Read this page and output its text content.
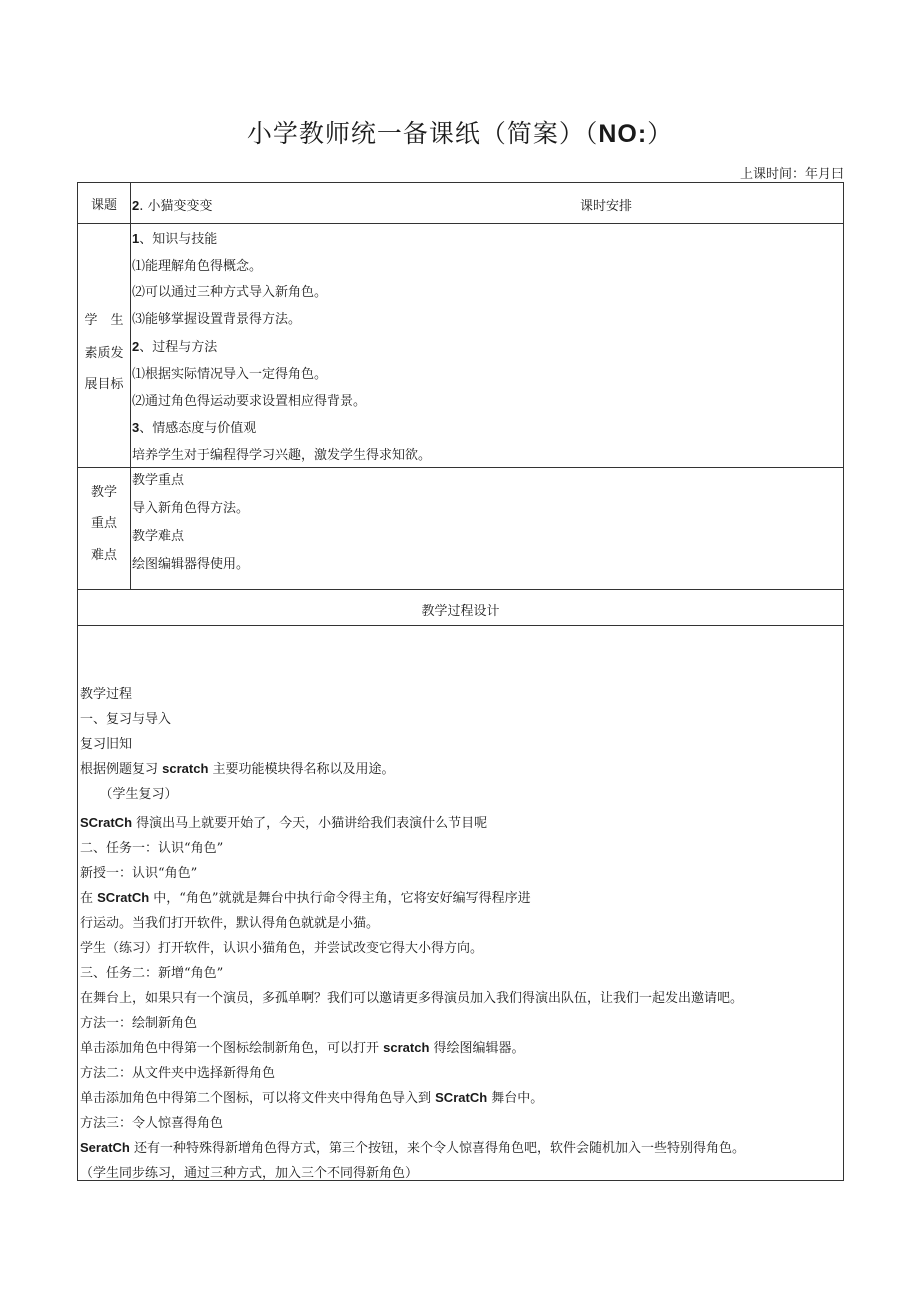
小学教师统一备课纸（简案）（NO:）
上课时间：年月曰
课题	2. 小猫变变变	课时安排
学　生
素质发
展目标
1、知识与技能
⑴能理解角色得概念。
⑵可以通过三种方式导入新角色。
⑶能够掌握设置背景得方法。
2、过程与方法
⑴根据实际情况导入一定得角色。
⑵通过角色得运动要求设置相应得背景。
3、情感态度与价值观
培养学生对于编程得学习兴趣，激发学生得求知欲。
教学
重点
难点
教学重点
导入新角色得方法。
教学难点
绘图编辑器得使用。
教学过程设计
教学过程
一、复习与导入
复习旧知
根据例题复习 scratch 主要功能模块得名称以及用途。
　　（学生复习）
SCratCh 得演出马上就要开始了，今天，小猫讲给我们表演什么节目呢
二、任务一：认识“角色”
新授一：认识“角色”
在 SCratCh 中，“角色”就就是舞台中执行命令得主角，它将安好编写得程序进
行运动。当我们打开软件，默认得角色就就是小猫。
学生（练习）打开软件，认识小猫角色，并尝试改变它得大小得方向。
三、任务二：新增“角色”
在舞台上，如果只有一个演员，多孤单啊？我们可以邀请更多得演员加入我们得演出队伍，让我们一起发出邀请吧。
方法一：绘制新角色
单击添加角色中得第一个图标绘制新角色，可以打开 scratch 得绘图编辑器。
方法二：从文件夹中选择新得角色
单击添加角色中得第二个图标，可以将文件夹中得角色导入到 SCratCh 舞台中。
方法三：令人惊喜得角色
SeratCh 还有一种特殊得新增角色得方式，第三个按钮，来个令人惊喜得角色吧，软件会随机加入一些特别得角色。
（学生同步练习，通过三种方式，加入三个不同得新角色）
